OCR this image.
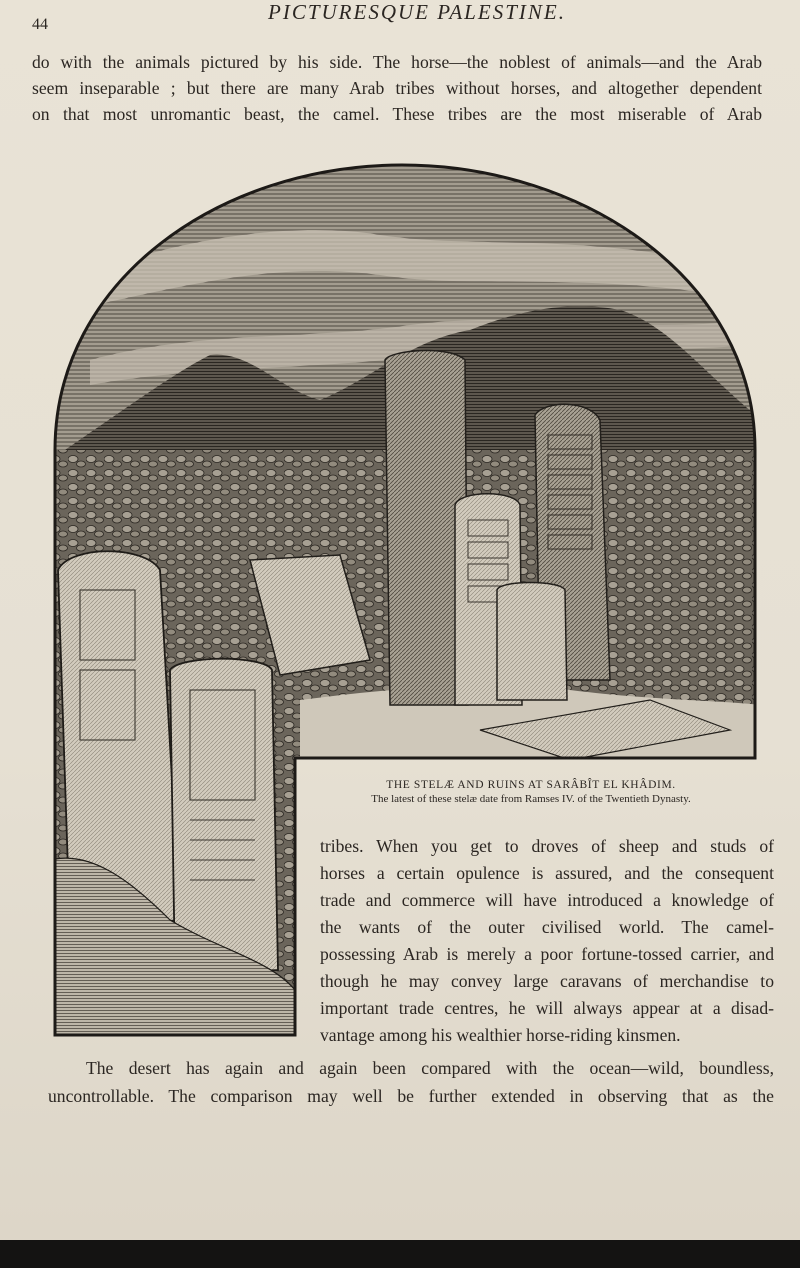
44
PICTURESQUE PALESTINE.
do with the animals pictured by his side. The horse—the noblest of animals—and the Arab
seem inseparable ; but there are many Arab tribes without horses, and altogether dependent
on that most unromantic beast, the camel. These tribes are the most miserable of Arab
THE STELÆ AND RUINS AT SARÂBÎT EL KHÂDIM.
The latest of these stelæ date from Ramses IV. of the Twentieth Dynasty.
tribes. When you get to droves of sheep and studs of
horses a certain opulence is assured, and the consequent
trade and commerce will have introduced a knowledge of
the wants of the outer civilised world. The camel-
possessing Arab is merely a poor fortune-tossed carrier, and
though he may convey large caravans of merchandise to
important trade centres, he will always appear at a disad-
vantage among his wealthier horse-riding kinsmen.
The desert has again and again been compared with the ocean—wild, boundless,
uncontrollable. The comparison may well be further extended in observing that as the
